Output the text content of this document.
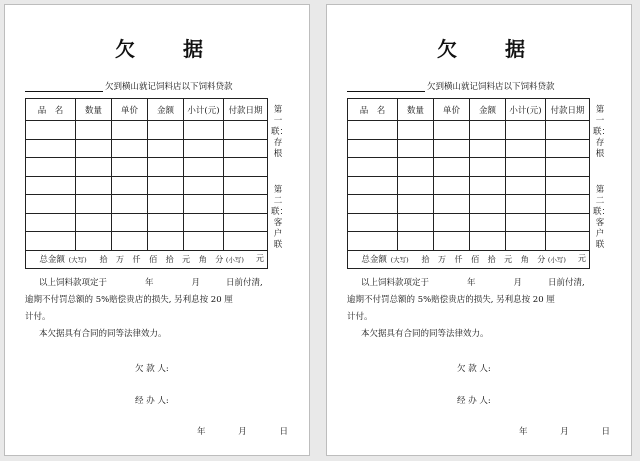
欠 据
欠到横山就记饲料店以下饲料贷款
品　名	数量	单价	金额	小计(元)	付款日期

总金额 (大写) 拾 万 仟 佰 拾 元 角 分 (小写) 元					
第一联：存根
第二联：客户联
以上饲料款项定于	年	月	日前付清,
逾期不付罚总额的 5%赔偿贵店的损失, 另利息按 20 厘
计付。
本欠据具有合同的同等法律效力。
欠 款 人:
经 办 人:
年	月	日
欠 据
欠到横山就记饲料店以下饲料贷款
品　名	数量	单价	金额	小计(元)	付款日期

总金额 (大写) 拾 万 仟 佰 拾 元 角 分 (小写) 元					
第一联：存根
第二联：客户联
以上饲料款项定于	年	月	日前付清,
逾期不付罚总额的 5%赔偿贵店的损失, 另利息按 20 厘
计付。
本欠据具有合同的同等法律效力。
欠 款 人:
经 办 人:
年	月	日
